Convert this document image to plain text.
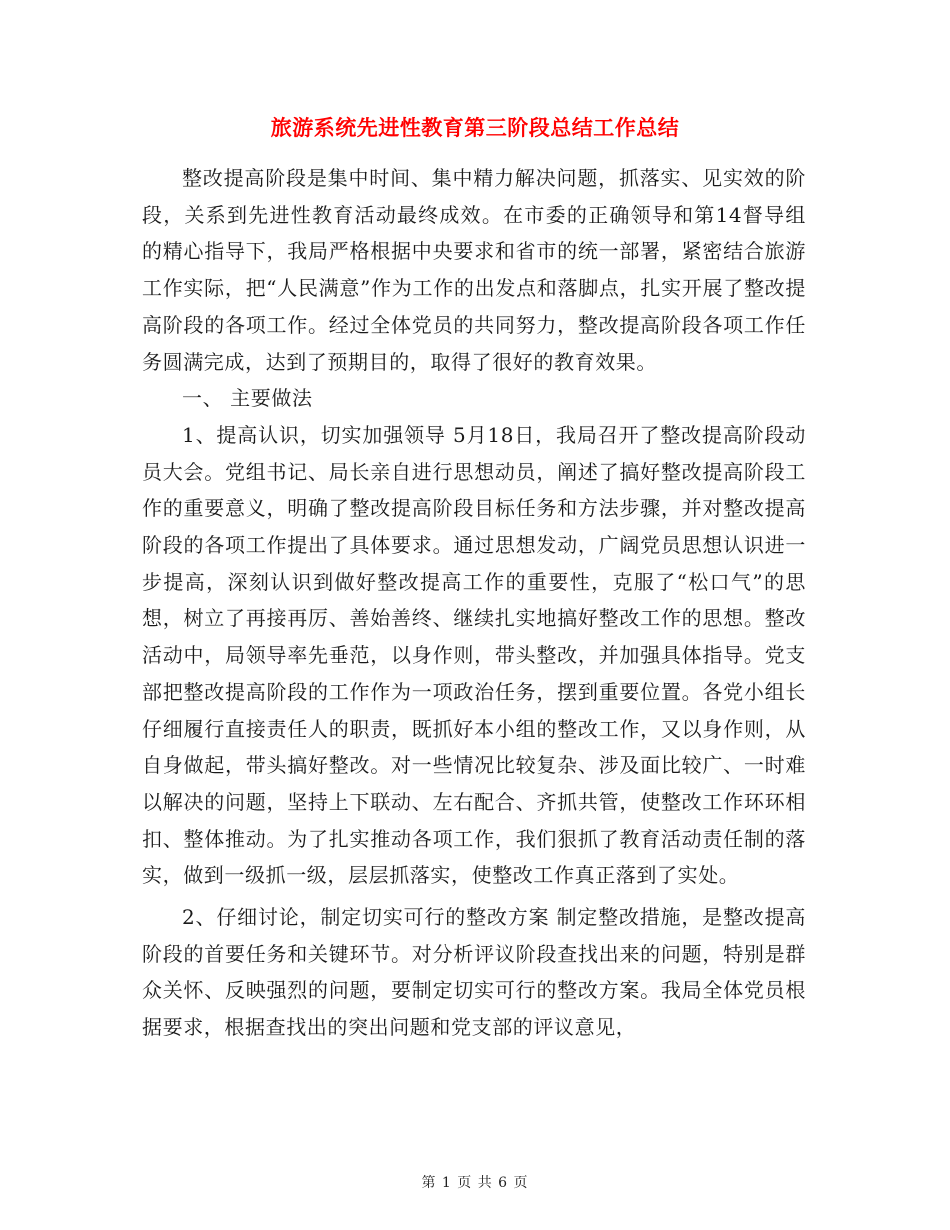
旅游系统先进性教育第三阶段总结工作总结

整改提高阶段是集中时间、集中精力解决问题，抓落实、见实效的阶段，关系到先进性教育活动最终成效。在市委的正确领导和第14督导组的精心指导下，我局严格根据中央要求和省市的统一部署，紧密结合旅游工作实际，把“人民满意”作为工作的出发点和落脚点，扎实开展了整改提高阶段的各项工作。经过全体党员的共同努力，整改提高阶段各项工作任务圆满完成，达到了预期目的，取得了很好的教育效果。

一、 主要做法

1、提高认识，切实加强领导 5月18日，我局召开了整改提高阶段动员大会。党组书记、局长亲自进行思想动员，阐述了搞好整改提高阶段工作的重要意义，明确了整改提高阶段目标任务和方法步骤，并对整改提高阶段的各项工作提出了具体要求。通过思想发动，广阔党员思想认识进一步提高，深刻认识到做好整改提高工作的重要性，克服了“松口气”的思想，树立了再接再厉、善始善终、继续扎实地搞好整改工作的思想。整改活动中，局领导率先垂范，以身作则，带头整改，并加强具体指导。党支部把整改提高阶段的工作作为一项政治任务，摆到重要位置。各党小组长仔细履行直接责任人的职责，既抓好本小组的整改工作，又以身作则，从自身做起，带头搞好整改。对一些情况比较复杂、涉及面比较广、一时难以解决的问题，坚持上下联动、左右配合、齐抓共管，使整改工作环环相扣、整体推动。为了扎实推动各项工作，我们狠抓了教育活动责任制的落实，做到一级抓一级，层层抓落实，使整改工作真正落到了实处。

2、仔细讨论，制定切实可行的整改方案 制定整改措施，是整改提高阶段的首要任务和关键环节。对分析评议阶段查找出来的问题，特别是群众关怀、反映强烈的问题，要制定切实可行的整改方案。我局全体党员根据要求，根据查找出的突出问题和党支部的评议意见，

第 1 页 共 6 页
